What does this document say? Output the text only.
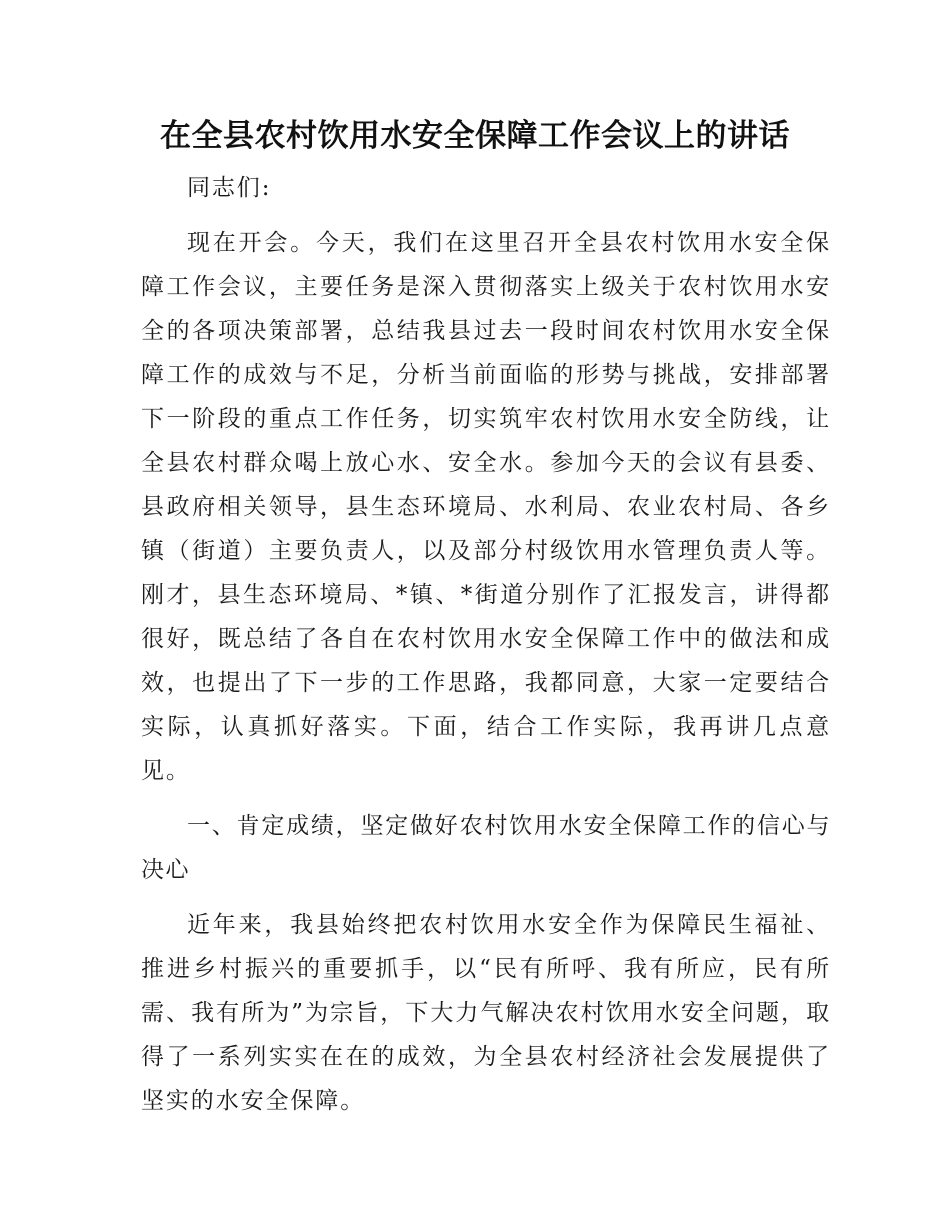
在全县农村饮用水安全保障工作会议上的讲话

同志们:

现在开会。今天，我们在这里召开全县农村饮用水安全保障工作会议，主要任务是深入贯彻落实上级关于农村饮用水安全的各项决策部署，总结我县过去一段时间农村饮用水安全保障工作的成效与不足，分析当前面临的形势与挑战，安排部署下一阶段的重点工作任务，切实筑牢农村饮用水安全防线，让全县农村群众喝上放心水、安全水。参加今天的会议有县委、县政府相关领导，县生态环境局、水利局、农业农村局、各乡镇（街道）主要负责人，以及部分村级饮用水管理负责人等。刚才，县生态环境局、*镇、*街道分别作了汇报发言，讲得都很好，既总结了各自在农村饮用水安全保障工作中的做法和成效，也提出了下一步的工作思路，我都同意，大家一定要结合实际，认真抓好落实。下面，结合工作实际，我再讲几点意见。

一、肯定成绩，坚定做好农村饮用水安全保障工作的信心与决心

近年来，我县始终把农村饮用水安全作为保障民生福祉、推进乡村振兴的重要抓手，以“民有所呼、我有所应，民有所需、我有所为”为宗旨，下大力气解决农村饮用水安全问题，取得了一系列实实在在的成效，为全县农村经济社会发展提供了坚实的水安全保障。
